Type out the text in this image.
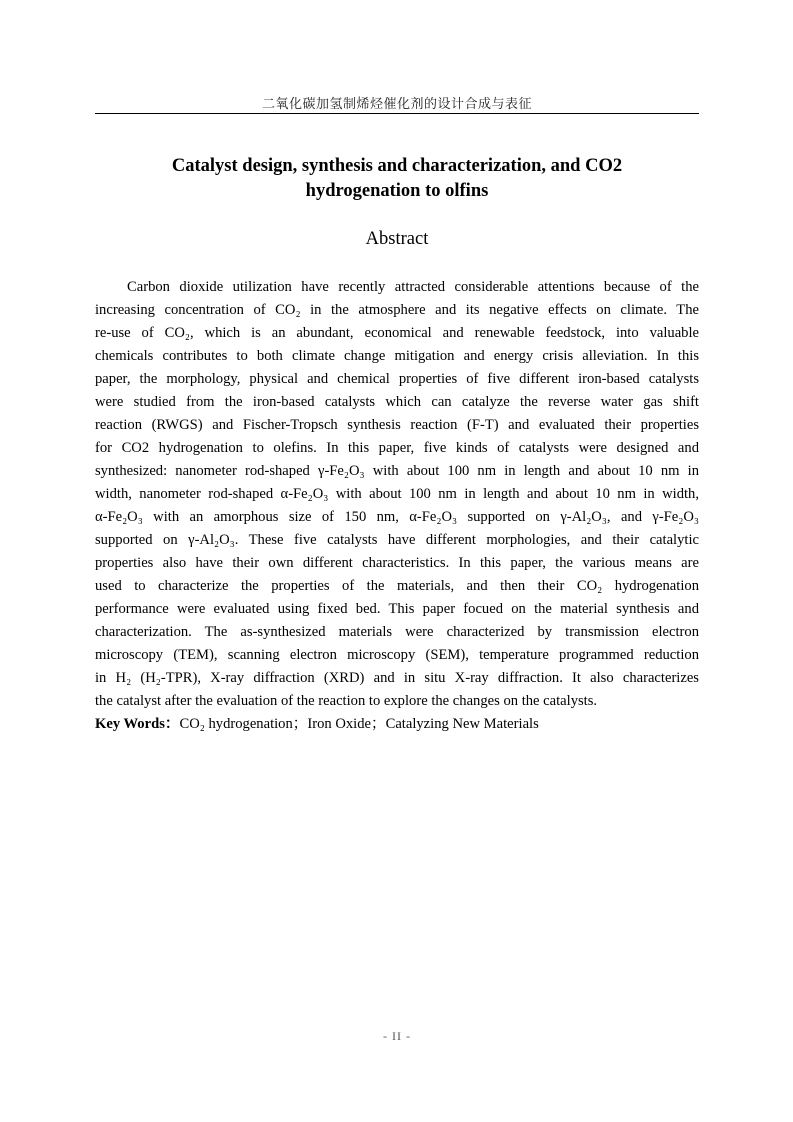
二氧化碳加氢制烯烃催化剂的设计合成与表征
Catalyst design, synthesis and characterization, and CO2
hydrogenation to olfins
Abstract
Carbon dioxide utilization have recently attracted considerable attentions because of the
increasing concentration of CO₂ in the atmosphere and its negative effects on climate. The
re-use of CO₂, which is an abundant, economical and renewable feedstock, into valuable
chemicals contributes to both climate change mitigation and energy crisis alleviation. In this
paper, the morphology, physical and chemical properties of five different iron-based catalysts
were studied from the iron-based catalysts which can catalyze the reverse water gas shift
reaction (RWGS) and Fischer-Tropsch synthesis reaction (F-T) and evaluated their properties
for CO2 hydrogenation to olefins. In this paper, five kinds of catalysts were designed and
synthesized: nanometer rod-shaped γ-Fe₂O₃ with about 100 nm in length and about 10 nm in
width, nanometer rod-shaped α-Fe₂O₃ with about 100 nm in length and about 10 nm in width,
α-Fe₂O₃ with an amorphous size of 150 nm, α-Fe₂O₃ supported on γ-Al₂O₃, and γ-Fe₂O₃
supported on γ-Al₂O₃. These five catalysts have different morphologies, and their catalytic
properties also have their own different characteristics. In this paper, the various means are
used to characterize the properties of the materials, and then their CO₂ hydrogenation
performance were evaluated using fixed bed. This paper focued on the material synthesis and
characterization. The as-synthesized materials were characterized by transmission electron
microscopy (TEM), scanning electron microscopy (SEM), temperature programmed reduction
in H₂ (H₂-TPR), X-ray diffraction (XRD) and in situ X-ray diffraction. It also characterizes
the catalyst after the evaluation of the reaction to explore the changes on the catalysts.
Key Words：CO₂ hydrogenation；Iron Oxide；Catalyzing New Materials
- II -
